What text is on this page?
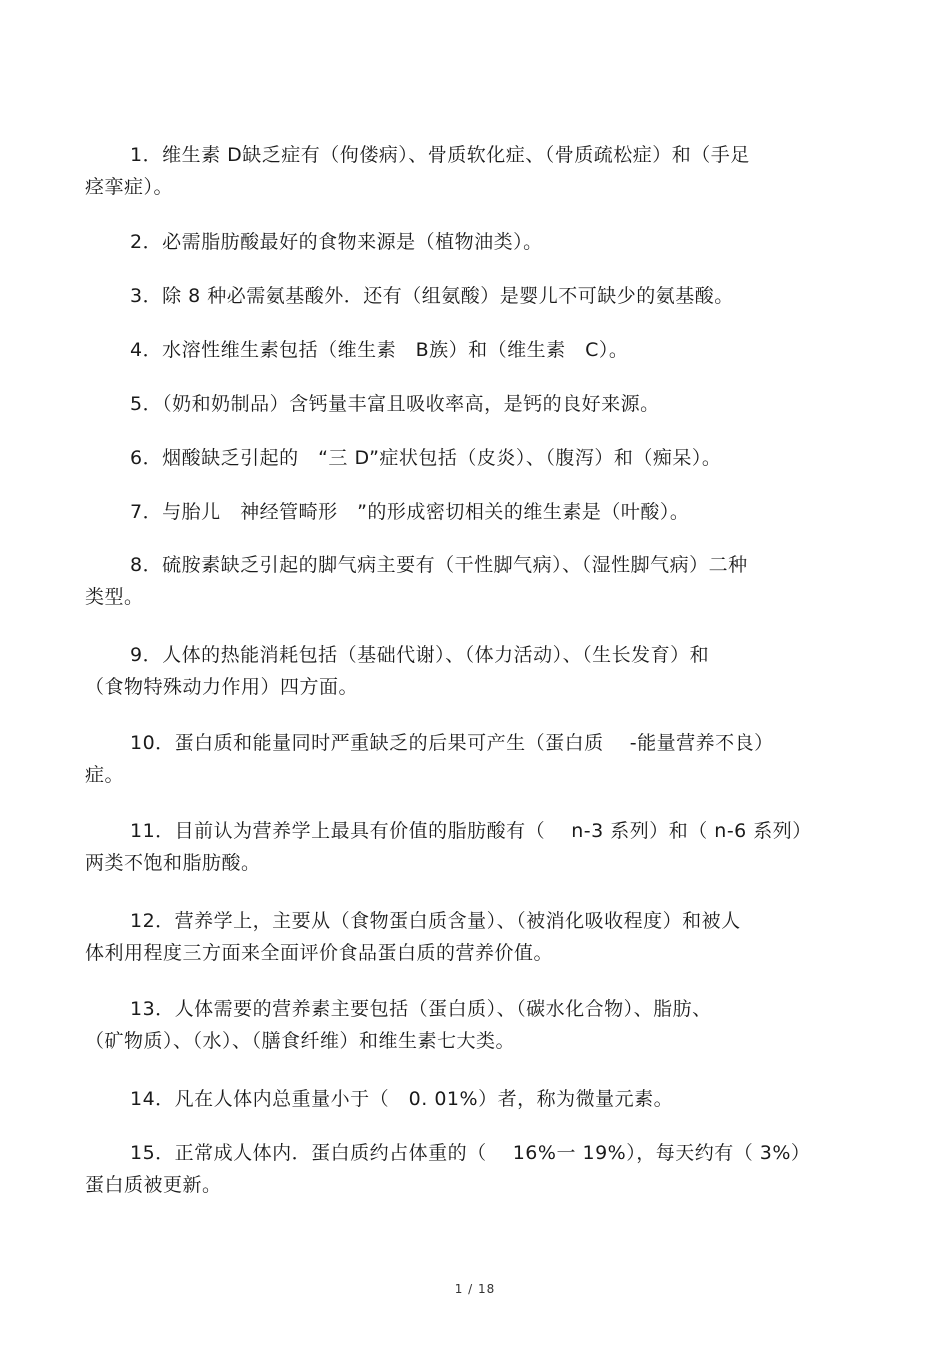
1．维生素 D缺乏症有（佝偻病）、骨质软化症、（骨质疏松症）和（手足
痉挛症）。
2．必需脂肪酸最好的食物来源是（植物油类）。
3．除 8 种必需氨基酸外．还有（组氨酸）是婴儿不可缺少的氨基酸。
4．水溶性维生素包括（维生素　B族）和（维生素　C）。
5．（奶和奶制品）含钙量丰富且吸收率高，是钙的良好来源。
6．烟酸缺乏引起的　“三 D”症状包括（皮炎）、（腹泻）和（痴呆）。
7．与胎儿　神经管畸形　”的形成密切相关的维生素是（叶酸）。
8．硫胺素缺乏引起的脚气病主要有（干性脚气病）、（湿性脚气病）二种
类型。
9．人体的热能消耗包括（基础代谢）、（体力活动）、（生长发育）和
（食物特殊动力作用）四方面。
10．蛋白质和能量同时严重缺乏的后果可产生（蛋白质　 -能量营养不良）
症。
11．目前认为营养学上最具有价值的脂肪酸有（　 n-3 系列）和（ n-6 系列）
两类不饱和脂肪酸。
12．营养学上，主要从（食物蛋白质含量）、（被消化吸收程度）和被人
体利用程度三方面来全面评价食品蛋白质的营养价值。
13．人体需要的营养素主要包括（蛋白质）、（碳水化合物）、脂肪、
（矿物质）、（水）、（膳食纤维）和维生素七大类。
14．凡在人体内总重量小于（　0. 01%）者，称为微量元素。
15．正常成人体内．蛋白质约占体重的（　 16%一 19%），每天约有（ 3%）
蛋白质被更新。
1 / 18
